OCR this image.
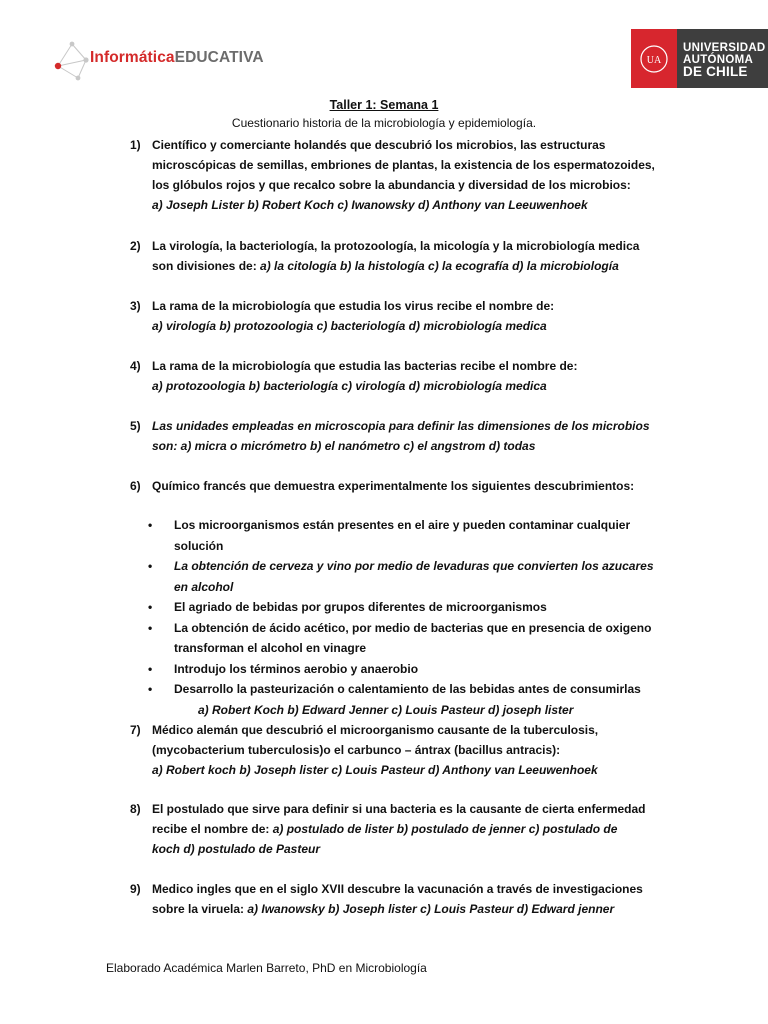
InformáticaEDUCATIVA	UA
UNIVERSIDAD
AUTÓNOMA
DE CHILE
Taller 1: Semana 1
Cuestionario historia de la microbiología y epidemiología.
1) Científico y comerciante holandés que descubrió los microbios, las estructuras
microscópicas de semillas, embriones de plantas, la existencia de los espermatozoides,
los glóbulos rojos y que recalco sobre la abundancia y diversidad de los microbios:
a) Joseph Lister b) Robert Koch c) Iwanowsky d) Anthony van Leeuwenhoek
2) La virología, la bacteriología, la protozoología, la micología y la microbiología medica
son divisiones de: a) la citología b) la histología c) la ecografía d) la microbiología
3) La rama de la microbiología que estudia los virus recibe el nombre de:
a) virología b) protozoologia c) bacteriología d) microbiología medica
4) La rama de la microbiología que estudia las bacterias recibe el nombre de:
a) protozoologia b) bacteriología c) virología d) microbiología medica
5) Las unidades empleadas en microscopia para definir las dimensiones de los microbios
son: a) micra o micrómetro b) el nanómetro c) el angstrom d) todas
6) Químico francés que demuestra experimentalmente los siguientes descubrimientos:
• Los microorganismos están presentes en el aire y pueden contaminar cualquier
solución
• La obtención de cerveza y vino por medio de levaduras que convierten los azucares
en alcohol
• El agriado de bebidas por grupos diferentes de microorganismos
• La obtención de ácido acético, por medio de bacterias que en presencia de oxigeno
transforman el alcohol en vinagre
• Introdujo los términos aerobio y anaerobio
• Desarrollo la pasteurización o calentamiento de las bebidas antes de consumirlas
a) Robert Koch b) Edward Jenner c) Louis Pasteur d) joseph lister
7) Médico alemán que descubrió el microorganismo causante de la tuberculosis,
(mycobacterium tuberculosis)o el carbunco – ántrax (bacillus antracis):
a) Robert koch b) Joseph lister c) Louis Pasteur d) Anthony van Leeuwenhoek
8) El postulado que sirve para definir si una bacteria es la causante de cierta enfermedad
recibe el nombre de: a) postulado de lister b) postulado de jenner c) postulado de
koch d) postulado de Pasteur
9) Medico ingles que en el siglo XVII descubre la vacunación a través de investigaciones
sobre la viruela: a) Iwanowsky b) Joseph lister c) Louis Pasteur d) Edward jenner
Elaborado Académica Marlen Barreto, PhD en Microbiología
